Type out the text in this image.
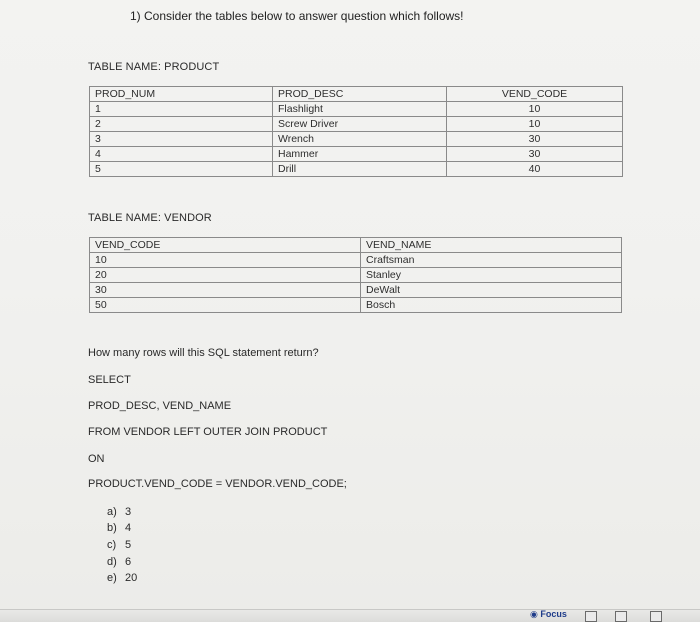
1) Consider the tables below to answer question which follows!
TABLE NAME: PRODUCT
PROD_NUM	PROD_DESC	VEND_CODE
1	Flashlight	10
2	Screw Driver	10
3	Wrench	30
4	Hammer	30
5	Drill	40
TABLE NAME: VENDOR
VEND_CODE	VEND_NAME
10	Craftsman
20	Stanley
30	DeWalt
50	Bosch
How many rows will this SQL statement return?
SELECT
PROD_DESC, VEND_NAME
FROM VENDOR LEFT OUTER JOIN PRODUCT
ON
PRODUCT.VEND_CODE = VENDOR.VEND_CODE;
a) 3
b) 4
c) 5
d) 6
e) 20
◉ Focus
